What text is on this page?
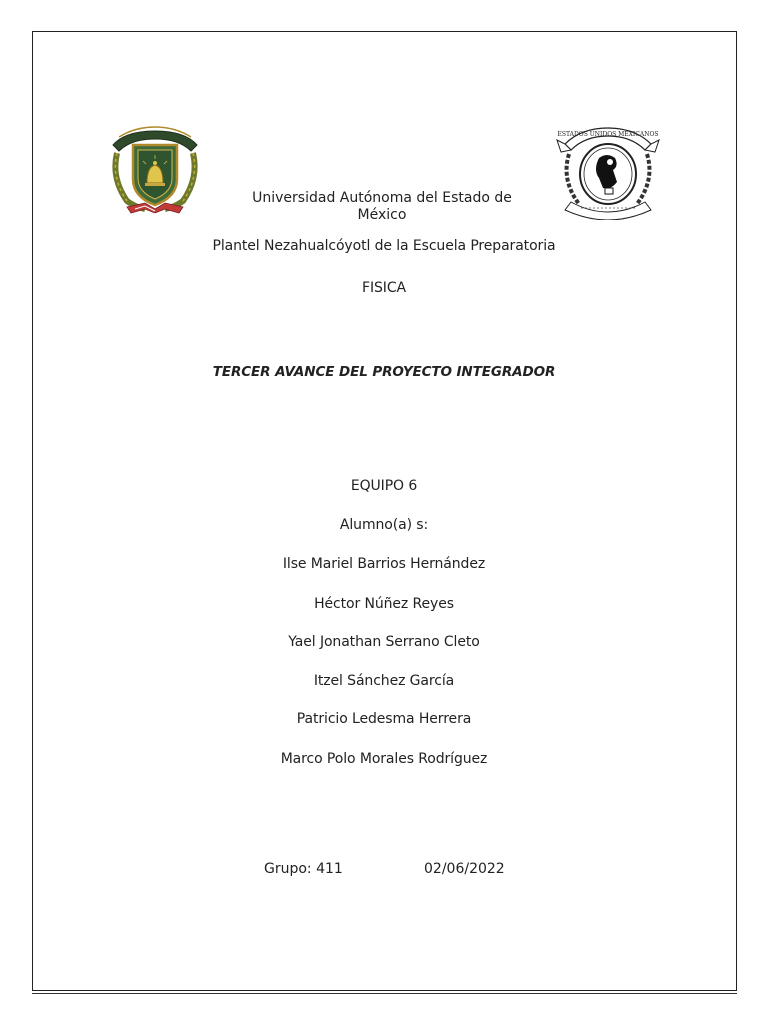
ESTADOS UNIDOS MEXICANOS
Universidad Autónoma del Estado de México
Plantel Nezahualcóyotl de la Escuela Preparatoria
FISICA
TERCER AVANCE DEL PROYECTO INTEGRADOR
EQUIPO 6
Alumno(a) s:
Ilse Mariel Barrios Hernández
Héctor Núñez Reyes
Yael Jonathan Serrano Cleto
Itzel Sánchez García
Patricio Ledesma Herrera
Marco Polo Morales Rodríguez
Grupo: 411	02/06/2022
